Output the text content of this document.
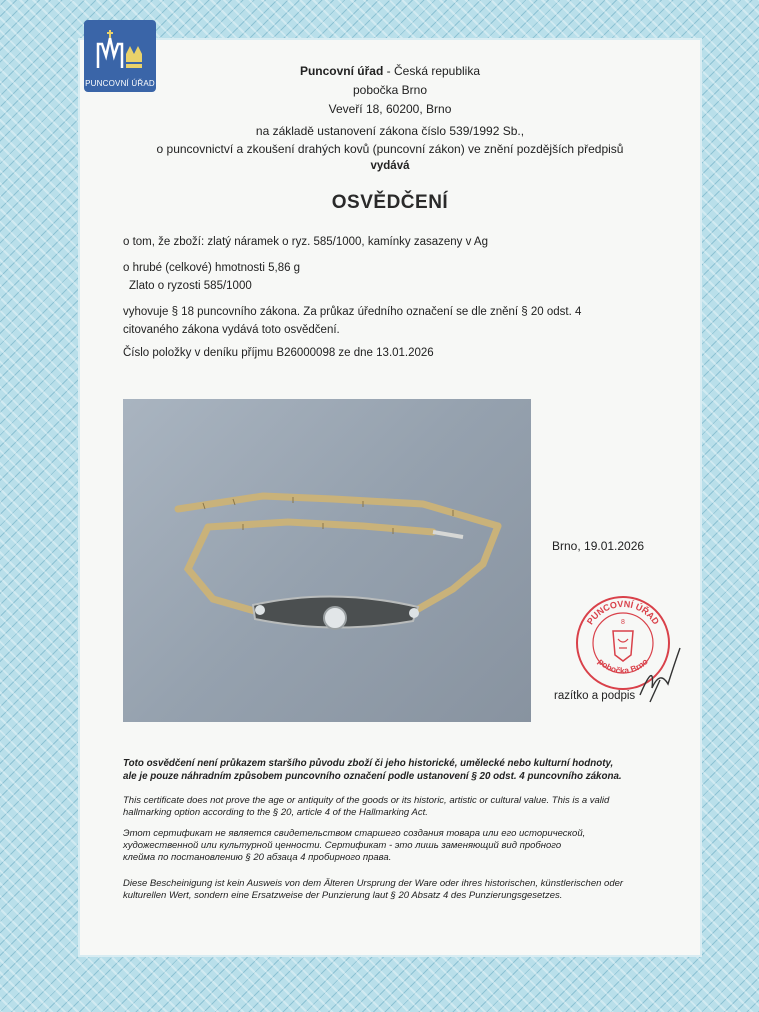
PUNCOVNÍ ÚŘAD
Puncovní úřad - Česká republika
pobočka Brno
Veveří 18, 60200, Brno
na základě ustanovení zákona číslo 539/1992 Sb.,
o puncovnictví a zkoušení drahých kovů (puncovní zákon) ve znění pozdějších předpisů
vydává
OSVĚDČENÍ
o tom, že zboží: zlatý náramek o ryz. 585/1000, kamínky zasazeny v Ag
o hrubé (celkové) hmotnosti 5,86 g
Zlato o ryzosti 585/1000
vyhovuje § 18 puncovního zákona. Za průkaz úředního označení se dle znění § 20 odst. 4
citovaného zákona vydává toto osvědčení.
Číslo položky v deníku příjmu B26000098 ze dne 13.01.2026
Brno, 19.01.2026
PUNCOVNÍ ÚŘAD
pobočka Brno
8
razítko a podpis
Toto osvědčení není průkazem staršího původu zboží či jeho historické, umělecké nebo kulturní hodnoty,
ale je pouze náhradním způsobem puncovního označení podle ustanovení § 20 odst. 4 puncovního zákona.
This certificate does not prove the age or antiquity of the goods or its historic, artistic or cultural value. This is a valid
hallmarking option according to the § 20, article 4 of the Hallmarking Act.
Этот сертификат не является свидетельством старшего создания товара или его исторической,
художественной или культурной ценности. Сертификат - это лишь заменяющий вид пробного
клейма по постановлению § 20 абзаца 4 пробирного права.
Diese Bescheinigung ist kein Ausweis von dem Älteren Ursprung der Ware oder ihres historischen, künstlerischen oder
kulturellen Wert, sondern eine Ersatzweise der Punzierung laut § 20 Absatz 4 des Punzierungsgesetzes.
